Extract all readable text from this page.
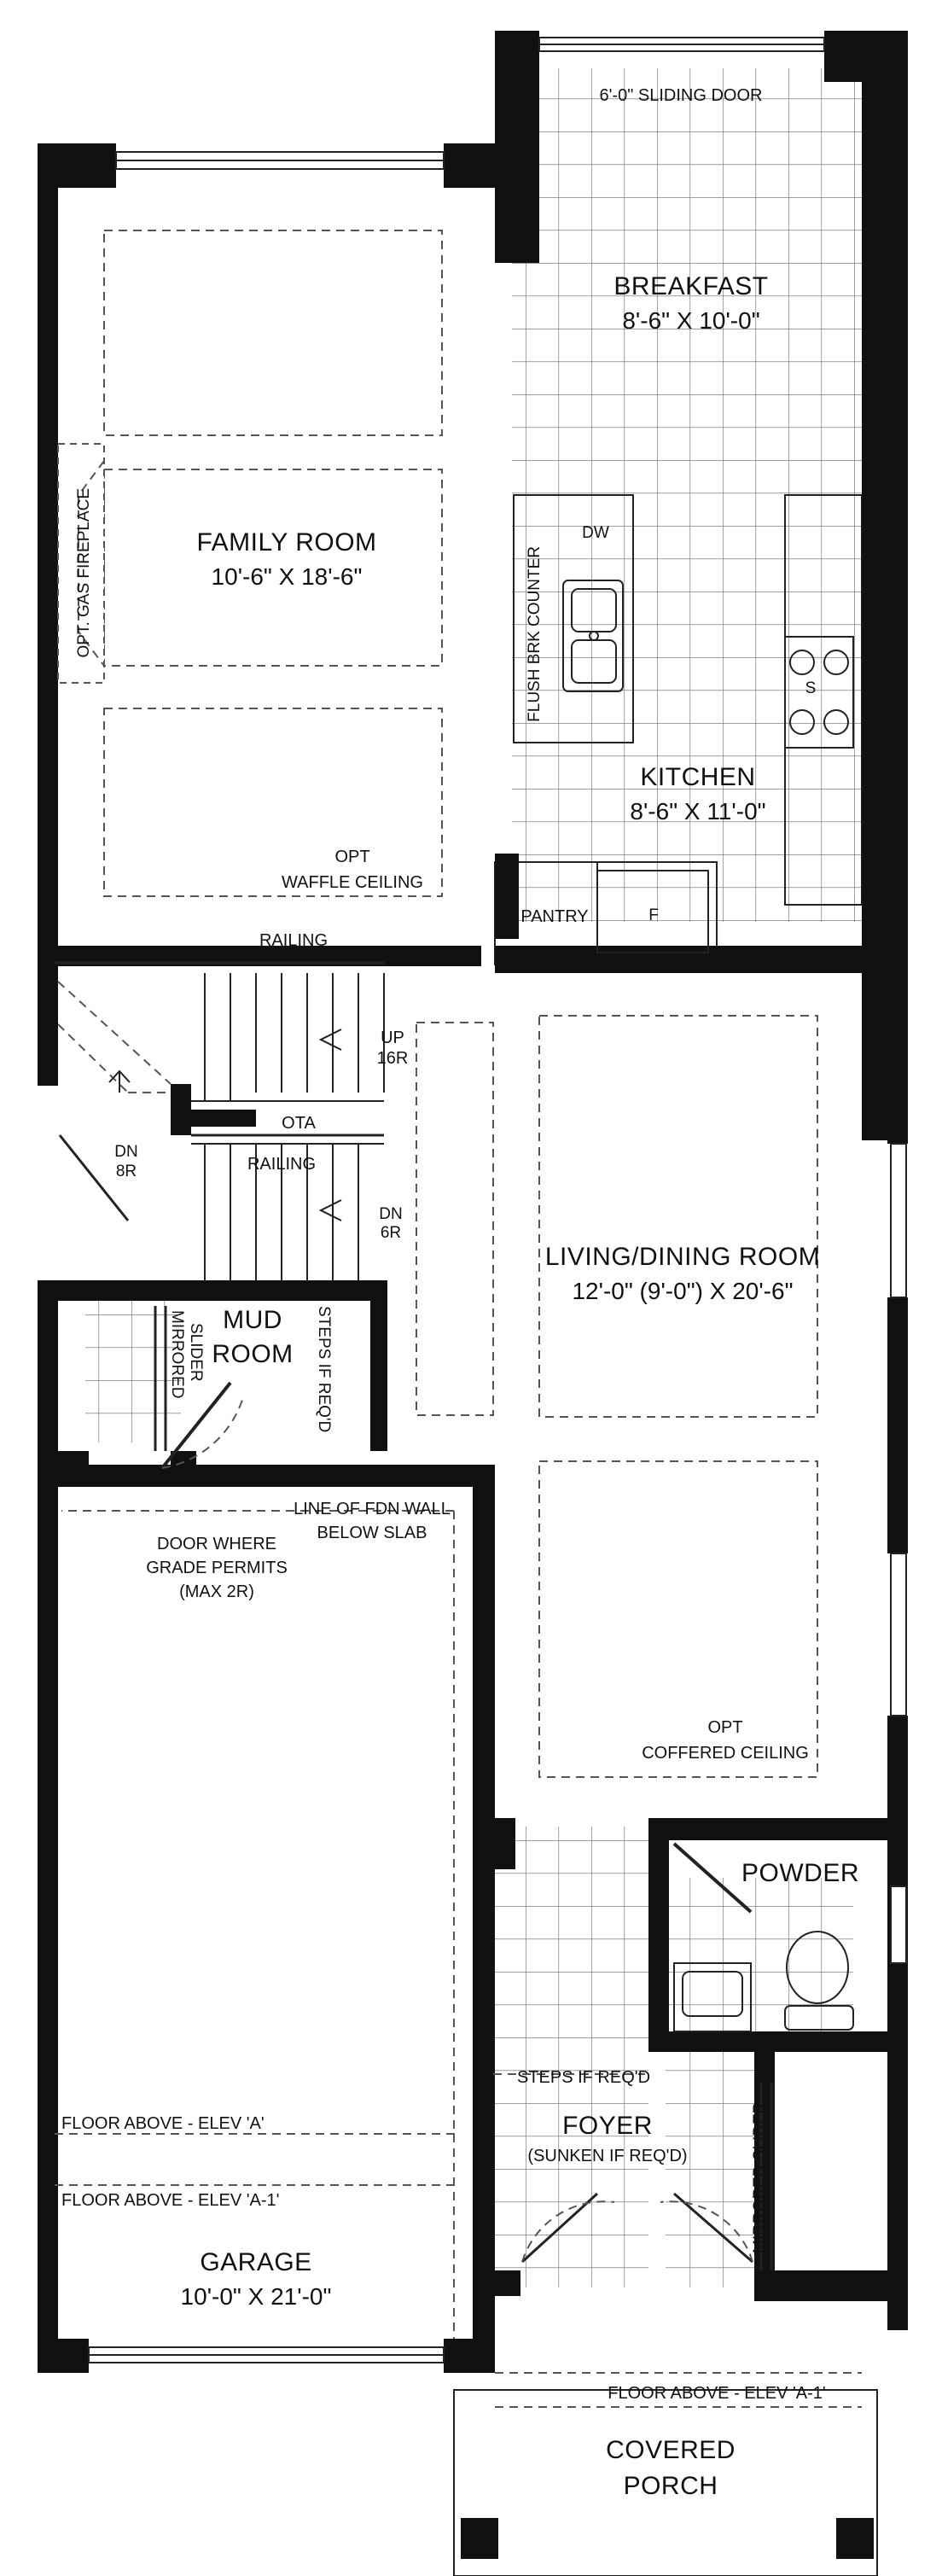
6'-0" SLIDING DOOR
BREAKFAST
8'-6" X 10'-0"
FAMILY ROOM
10'-6" X 18'-6"
OPT. GAS FIREPLACE
OPT
WAFFLE CEILING
DW
FLUSH BRK COUNTER	S
KITCHEN
8'-6" X 11'-0"
PANTRY	F
RAILING
UP
16R
OTA
RAILING
DN
8R
DN
6R
LIVING/DINING ROOM
12'-0" (9'-0") X 20'-6"
MUD
ROOM
MIRRORED SLIDER	STEPS IF REQ'D
LINE OF FDN WALL
BELOW SLAB
DOOR WHERE
GRADE PERMITS
(MAX 2R)
OPT
COFFERED CEILING
POWDER
STEPS IF REQ'D
FOYER
(SUNKEN IF REQ'D)	MIRRORED SLIDER
FLOOR ABOVE - ELEV 'A'
FLOOR ABOVE - ELEV 'A-1'
GARAGE
10'-0" X 21'-0"
FLOOR ABOVE - ELEV 'A-1'
COVERED
PORCH
